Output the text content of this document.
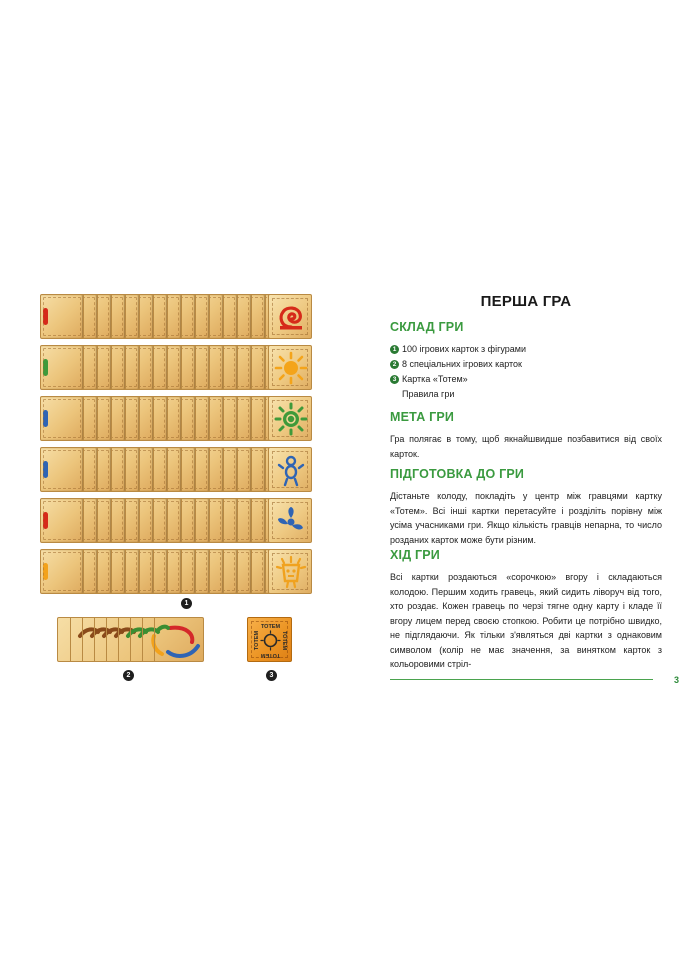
1
2
ТОТЕМ
ТОТЕМ
ТОТЕМ	ТОТЕМ
3
ПЕРША ГРА
СКЛАД ГРИ
1 100 ігрових карток з фігурами
2 8 спеціальних ігрових карток
3 Картка «Тотем»
Правила гри
МЕТА ГРИ

Гра полягає в тому, щоб якнайшвидше позбавитися від своїх карток.

ПІДГОТОВКА ДО ГРИ

Дістаньте колоду, покладіть у центр між гравцями картку «Тотем». Всі інші картки перетасуйте і розділіть порівну між усіма учасниками гри. Якщо кількість гравців непарна, то число розданих карток може бути різним.

ХІД ГРИ

Всі картки роздаються «сорочкою» вгору і складаються колодою. Першим ходить гравець, який сидить ліворуч від того, хто роздає. Кожен гравець по черзі тягне одну карту і кладе її вгору лицем перед своєю стопкою. Робити це потрібно швидко, не підглядаючи. Як тільки з'являться дві картки з однаковим символом (колір не має значення, за винятком карток з кольоровими стріл-

3
